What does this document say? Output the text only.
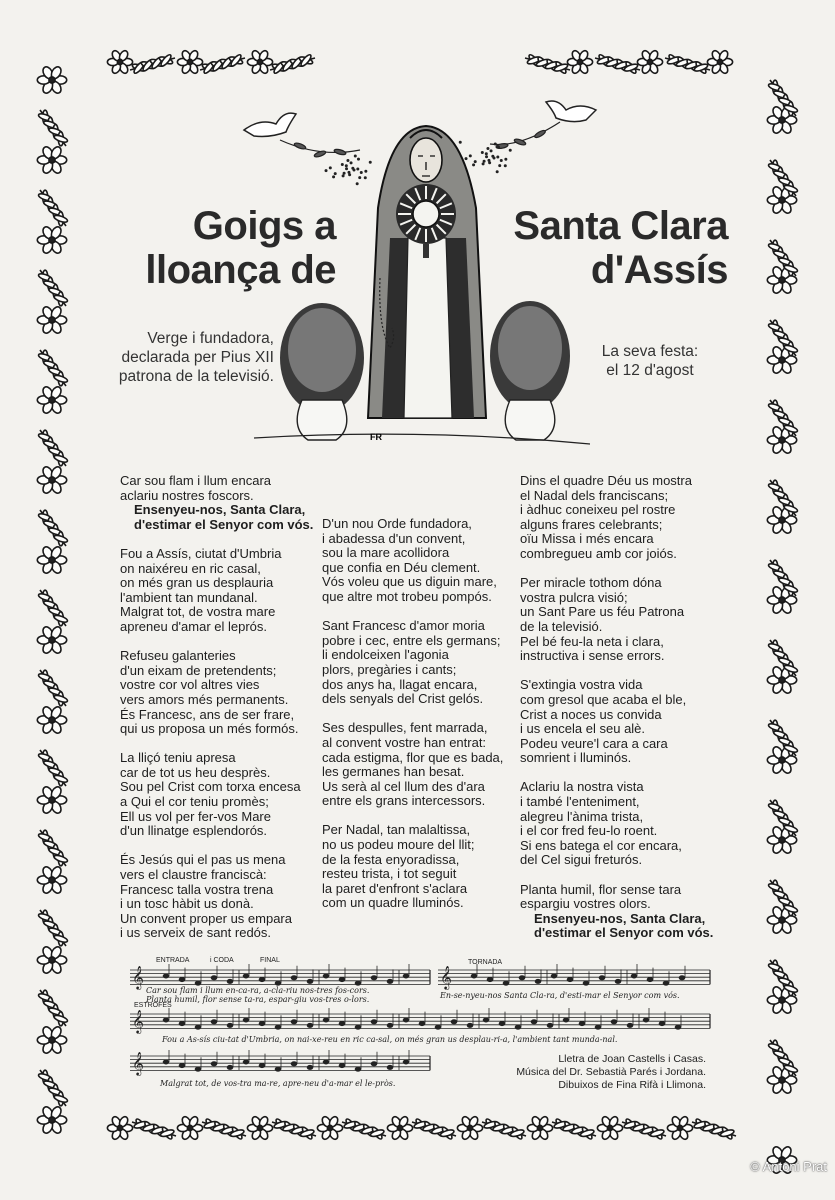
Goigs a
lloança de
Santa Clara
d'Assís
Verge i fundadora,
declarada per Pius XII
patrona de la televisió.
La seva festa:
el 12 d'agost
FR

Car sou flam i llum encara
aclariu nostres foscors.
Ensenyeu-nos, Santa Clara,
d'estimar el Senyor com vós.

Fou a Assís, ciutat d'Umbria
on naixéreu en ric casal,
on més gran us desplauria
l'ambient tan mundanal.
Malgrat tot, de vostra mare
apreneu d'amar el leprós.

Refuseu galanteries
d'un eixam de pretendents;
vostre cor vol altres vies
vers amors més permanents.
És Francesc, ans de ser frare,
qui us proposa un més formós.

La lliçó teniu apresa
car de tot us heu desprès.
Sou pel Crist com torxa encesa
a Qui el cor teniu promès;
Ell us vol per fer-vos Mare
d'un llinatge esplendorós.

És Jesús qui el pas us mena
vers el claustre franciscà:
Francesc talla vostra trena
i un tosc hàbit us donà.
Un convent proper us empara
i us serveix de sant redós.

D'un nou Orde fundadora,
i abadessa d'un convent,
sou la mare acollidora
que confia en Déu clement.
Vós voleu que us diguin mare,
que altre mot trobeu pompós.

Sant Francesc d'amor moria
pobre i cec, entre els germans;
li endolceixen l'agonia
plors, pregàries i cants;
dos anys ha, llagat encara,
dels senyals del Crist gelós.

Ses despulles, fent marrada,
al convent vostre han entrat:
cada estigma, flor que es bada,
les germanes han besat.
Us serà al cel llum des d'ara
entre els grans intercessors.

Per Nadal, tan malaltissa,
no us podeu moure del llit;
de la festa enyoradissa,
resteu trista, i tot seguit
la paret d'enfront s'aclara
com un quadre lluminós.

Dins el quadre Déu us mostra
el Nadal dels franciscans;
i àdhuc coneixeu pel rostre
alguns frares celebrants;
oïu Missa i més encara
combregueu amb cor joiós.

Per miracle tothom dóna
vostra pulcra visió;
un Sant Pare us féu Patrona
de la televisió.
Pel bé feu-la neta i clara,
instructiva i sense errors.

S'extingia vostra vida
com gresol que acaba el ble,
Crist a noces us convida
i us encela el seu alè.
Podeu veure'l cara a cara
somrient i lluminós.

Aclariu la nostra vista
i també l'enteniment,
alegreu l'ànima trista,
i el cor fred feu-lo roent.
Si ens batega el cor encara,
del Cel sigui freturós.

Planta humil, flor sense tara
espargiu vostres olors.
Ensenyeu-nos, Santa Clara,
d'estimar el Senyor com vós.

𝄞	𝄞
𝄞
𝄞
ENTRADA	i CODA	FINAL	TORNADA
ESTROFES
Car sou flam i llum en-ca-ra, a-cla-riu nos-tres fos-cors.
Planta humil, flor sense ta-ra, espar-giu vos-tres o-lors.	En-se-nyeu-nos Santa Cla-ra, d'esti-mar el Senyor com vós.
Fou a As-sís ciu-tat d'Umbria, on nai-xe-reu en ric ca-sal, on més gran us desplau-ri-a, l'ambient tant munda-nal.
Malgrat tot, de vos-tra ma-re, apre-neu d'a-mar el le-pròs.
Lletra de Joan Castells i Casas.
Música del Dr. Sebastià Parés i Jordana.
Dibuixos de Fina Rifà i Llimona.
© Antoni Prat
